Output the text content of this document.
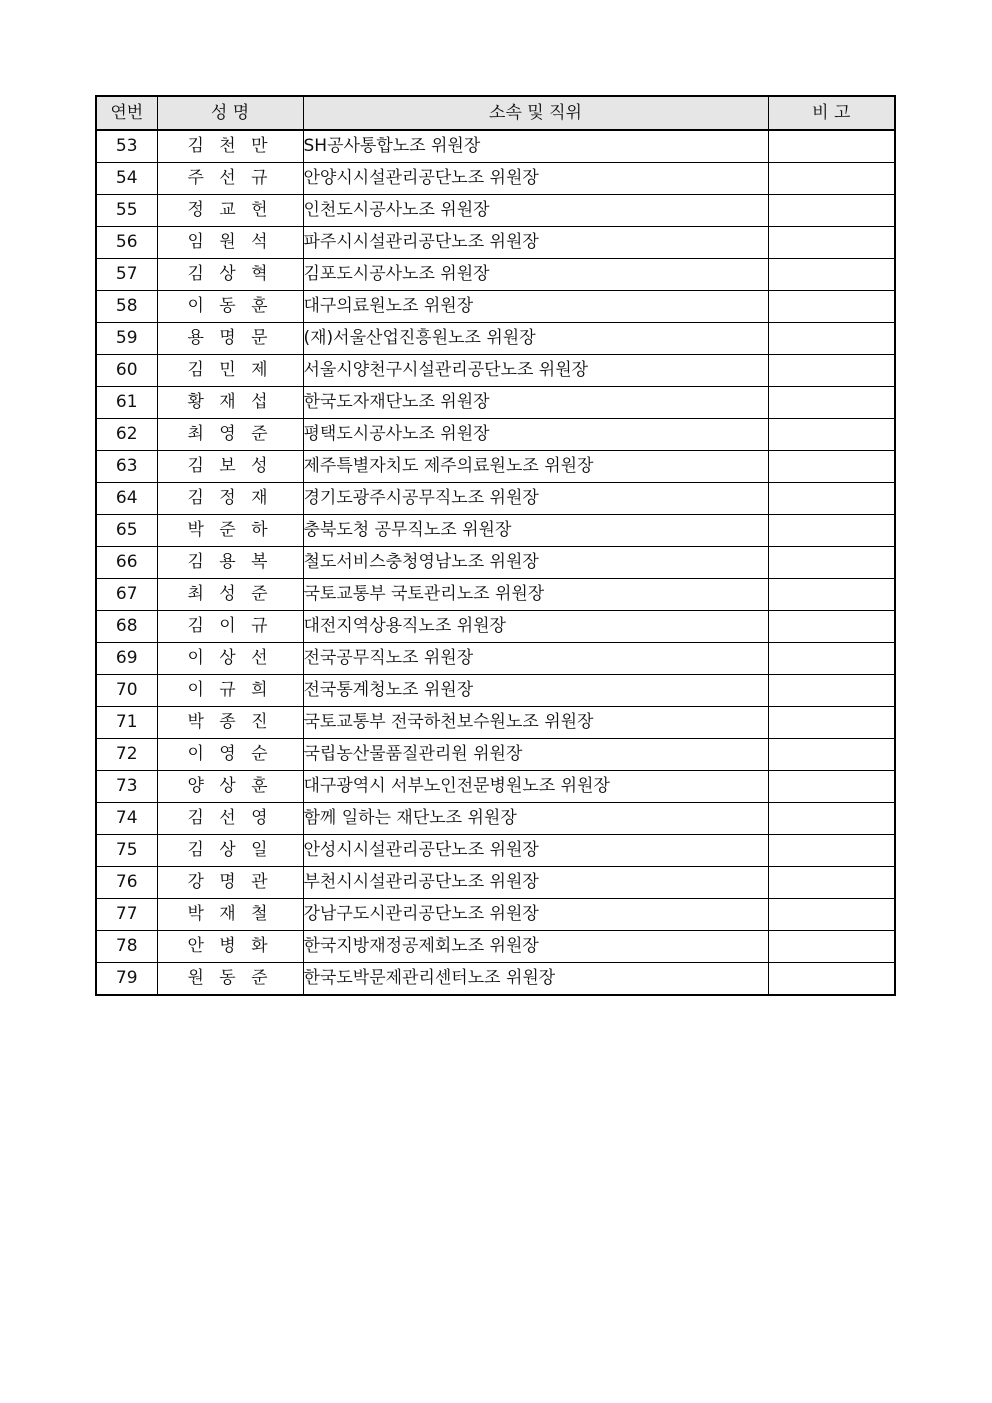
연번	성 명	소속 및 직위	비 고
53	김 천 만	SH공사통합노조 위원장	
54	주 선 규	안양시시설관리공단노조 위원장	
55	정 교 헌	인천도시공사노조 위원장	
56	임 원 석	파주시시설관리공단노조 위원장	
57	김 상 혁	김포도시공사노조 위원장	
58	이 동 훈	대구의료원노조 위원장	
59	용 명 문	(재)서울산업진흥원노조 위원장	
60	김 민 제	서울시양천구시설관리공단노조 위원장	
61	황 재 섭	한국도자재단노조 위원장	
62	최 영 준	평택도시공사노조 위원장	
63	김 보 성	제주특별자치도 제주의료원노조 위원장	
64	김 정 재	경기도광주시공무직노조 위원장	
65	박 준 하	충북도청 공무직노조 위원장	
66	김 용 복	철도서비스충청영남노조 위원장	
67	최 성 준	국토교통부 국토관리노조 위원장	
68	김 이 규	대전지역상용직노조 위원장	
69	이 상 선	전국공무직노조 위원장	
70	이 규 희	전국통계청노조 위원장	
71	박 종 진	국토교통부 전국하천보수원노조 위원장	
72	이 영 순	국립농산물품질관리원 위원장	
73	양 상 훈	대구광역시 서부노인전문병원노조 위원장	
74	김 선 영	함께 일하는 재단노조 위원장	
75	김 상 일	안성시시설관리공단노조 위원장	
76	강 명 관	부천시시설관리공단노조 위원장	
77	박 재 철	강남구도시관리공단노조 위원장	
78	안 병 화	한국지방재정공제회노조 위원장	
79	원 동 준	한국도박문제관리센터노조 위원장	
